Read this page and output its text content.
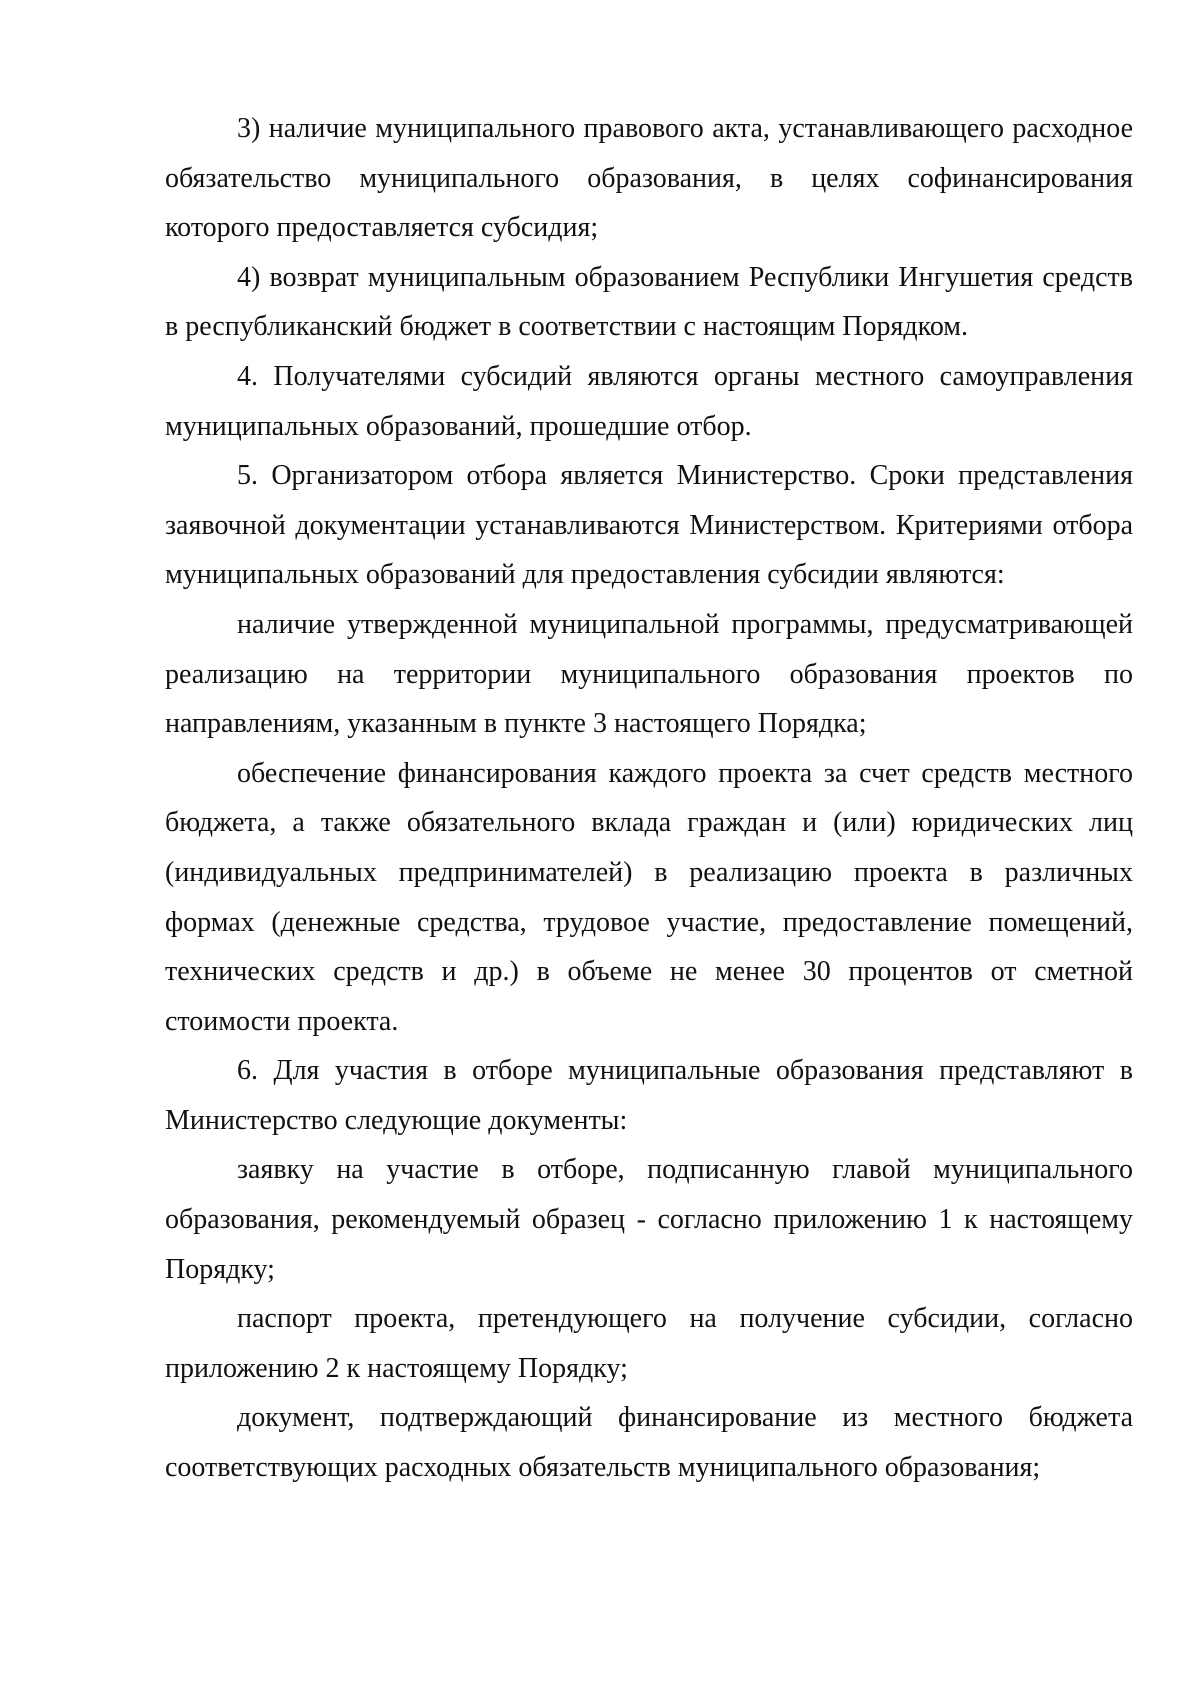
3) наличие муниципального правового акта, устанавливающего расходное обязательство муниципального образования, в целях софинансирования которого предоставляется субсидия;

4) возврат муниципальным образованием Республики Ингушетия средств в республиканский бюджет в соответствии с настоящим Порядком.

4. Получателями субсидий являются органы местного самоуправления муниципальных образований, прошедшие отбор.

5. Организатором отбора является Министерство. Сроки представления заявочной документации устанавливаются Министерством. Критериями отбора муниципальных образований для предоставления субсидии являются:

наличие утвержденной муниципальной программы, предусматривающей реализацию на территории муниципального образования проектов по направлениям, указанным в пункте 3 настоящего Порядка;

обеспечение финансирования каждого проекта за счет средств местного бюджета, а также обязательного вклада граждан и (или) юридических лиц (индивидуальных предпринимателей) в реализацию проекта в различных формах (денежные средства, трудовое участие, предоставление помещений, технических средств и др.) в объеме не менее 30 процентов от сметной стоимости проекта.

6. Для участия в отборе муниципальные образования представляют в Министерство следующие документы:

заявку на участие в отборе, подписанную главой муниципального образования, рекомендуемый образец - согласно приложению 1 к настоящему Порядку;

паспорт проекта, претендующего на получение субсидии, согласно приложению 2 к настоящему Порядку;

документ, подтверждающий финансирование из местного бюджета соответствующих расходных обязательств муниципального образования;
